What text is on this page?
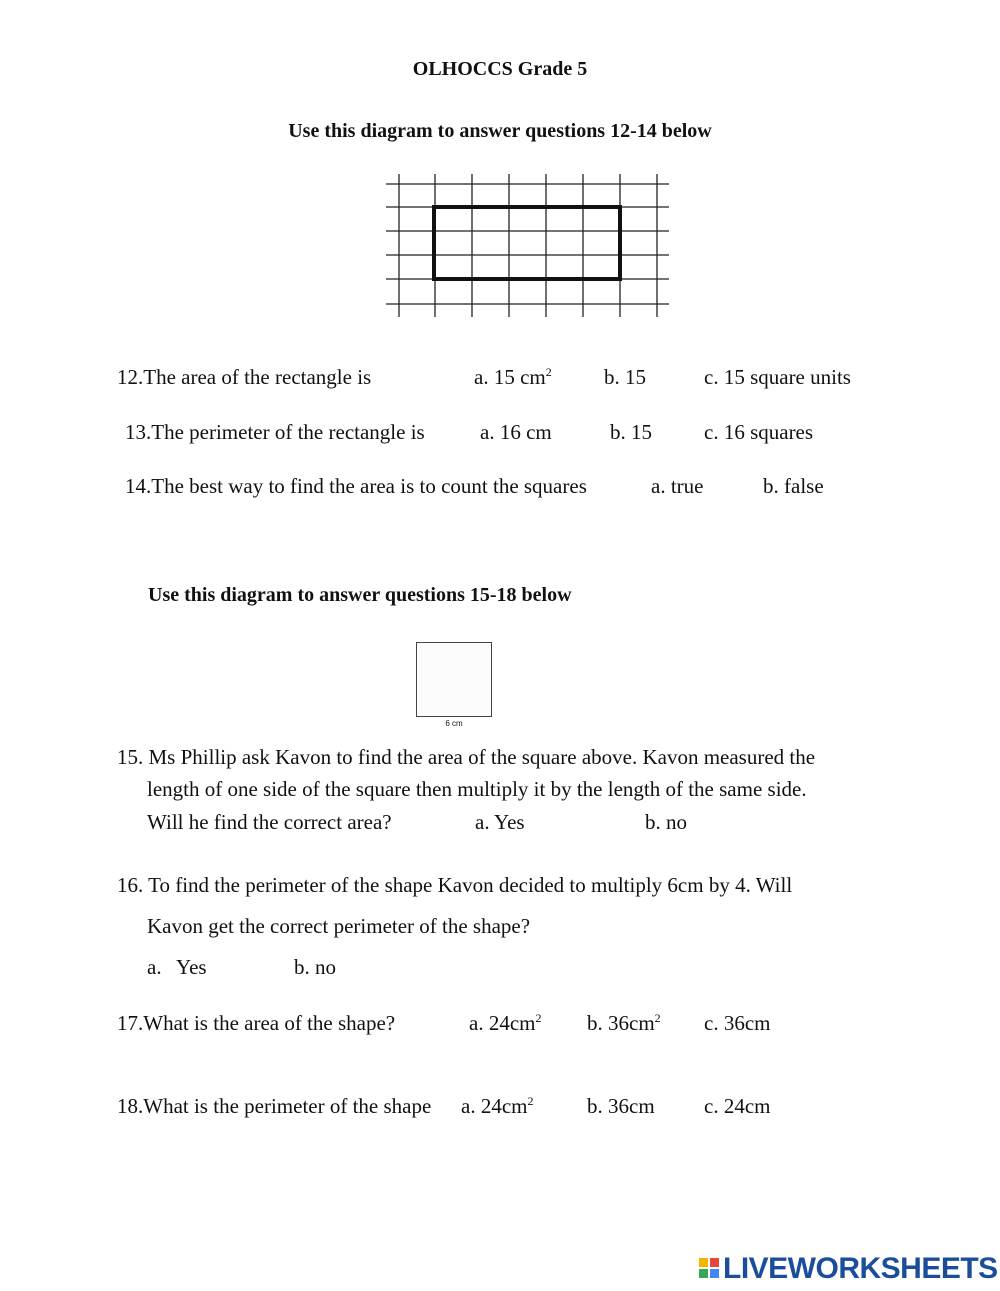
OLHOCCS Grade 5
Use this diagram to answer questions 12-14 below
12.The area of the rectangle is	a. 15 $cm^2$ b. 15	c. 15 square units
13.The perimeter of the rectangle is	a. 16 cm	b. 15 c. 16 squares
14.The best way to find the area is to count the squares	a. true	b. false
Use this diagram to answer questions 15-18 below
6 cm
15. Ms Phillip ask Kavon to find the area of the square above. Kavon measured the
length of one side of the square then multiply it by the length of the same side.
Will he find the correct area?	a. Yes	b. no
16. To find the perimeter of the shape Kavon decided to multiply 6cm by 4. Will
Kavon get the correct perimeter of the shape?
a. Yes	b. no
17.What is the area of the shape?	a. $24cm^2$ b. $36cm^2$ c. 36cm
18.What is the perimeter of the shape a. $24cm^2$	b. 36cm c. 24cm
LIVEWORKSHEETS
